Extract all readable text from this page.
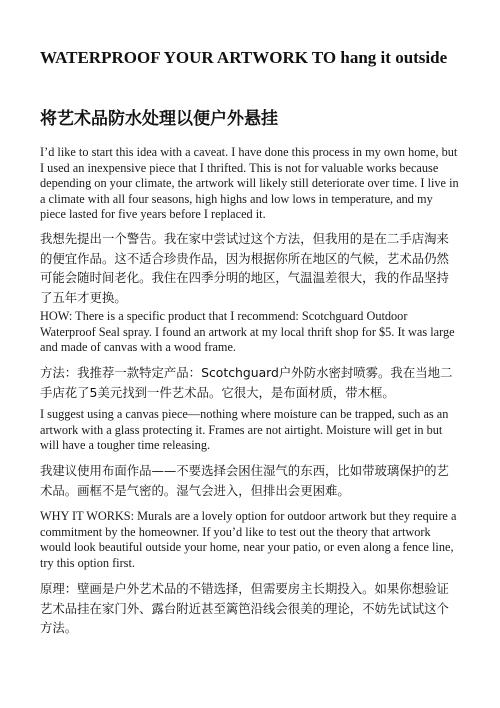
WATERPROOF YOUR ARTWORK TO hang it outside
将艺术品防水处理以便户外悬挂

I’d like to start this idea with a caveat. I have done this process in my own home, but I used an inexpensive piece that I thrifted. This is not for valuable works because depending on your climate, the artwork will likely still deteriorate over time. I live in a climate with all four seasons, high highs and low lows in temperature, and my piece lasted for five years before I replaced it.

我想先提出一个警告。我在家中尝试过这个方法，但我用的是在二手店淘来的便宜作品。这不适合珍贵作品，因为根据你所在地区的气候，艺术品仍然可能会随时间老化。我住在四季分明的地区，气温温差很大，我的作品坚持了五年才更换。

HOW: There is a specific product that I recommend: Scotchguard Outdoor Waterproof Seal spray. I found an artwork at my local thrift shop for $5. It was large and made of canvas with a wood frame.

方法：我推荐一款特定产品：Scotchguard户外防水密封喷雾。我在当地二手店花了5美元找到一件艺术品。它很大，是布面材质，带木框。

I suggest using a canvas piece—nothing where moisture can be trapped, such as an artwork with a glass protecting it. Frames are not airtight. Moisture will get in but will have a tougher time releasing.

我建议使用布面作品——不要选择会困住湿气的东西，比如带玻璃保护的艺术品。画框不是气密的。湿气会进入，但排出会更困难。

WHY IT WORKS: Murals are a lovely option for outdoor artwork but they require a commitment by the homeowner. If you’d like to test out the theory that artwork would look beautiful outside your home, near your patio, or even along a fence line, try this option first.

原理：壁画是户外艺术品的不错选择，但需要房主长期投入。如果你想验证艺术品挂在家门外、露台附近甚至篱笆沿线会很美的理论，不妨先试试这个方法。
